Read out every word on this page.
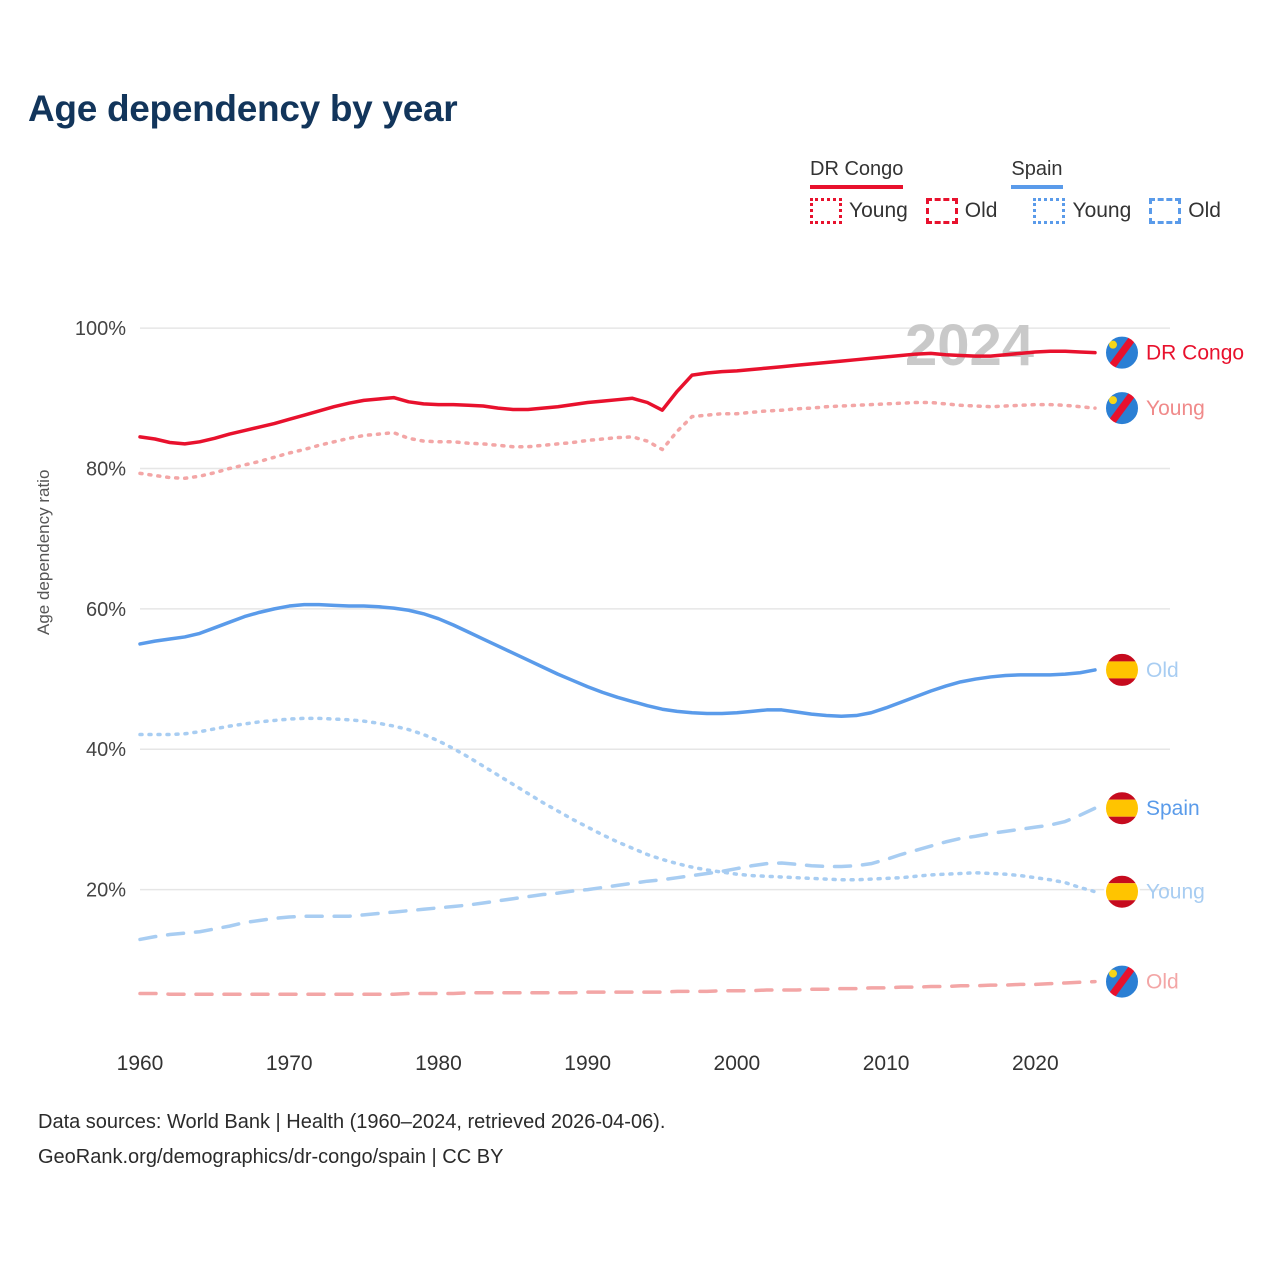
Age dependency by year
DR Congo	Spain
Young	Old	Young	Old
Age dependency ratio
20%
40%
60%
80%
100%
1960	1970	1980	1990	2000	2010	2020
2024	DR Congo
Young
Old
Old
Young
Spain
Data sources: World Bank | Health (1960–2024, retrieved 2026-04-06).
GeoRank.org/demographics/dr-congo/spain | CC BY
